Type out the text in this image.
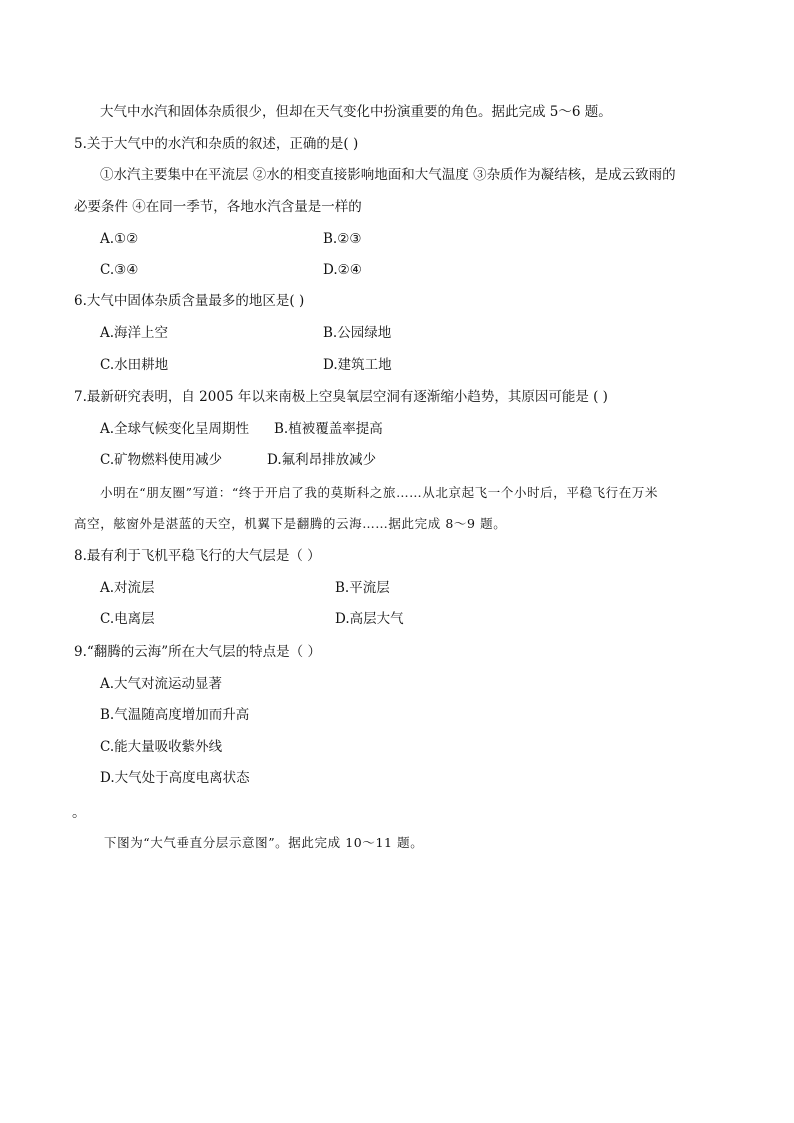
大气中水汽和固体杂质很少，但却在天气变化中扮演重要的角色。据此完成 5～6 题。
5.关于大气中的水汽和杂质的叙述，正确的是( )
①水汽主要集中在平流层 ②水的相变直接影响地面和大气温度 ③杂质作为凝结核，是成云致雨的
必要条件 ④在同一季节，各地水汽含量是一样的
A.①②	B.②③
C.③④	D.②④
6.大气中固体杂质含量最多的地区是( )
A.海洋上空	B.公园绿地
C.水田耕地	D.建筑工地
7.最新研究表明，自 2005 年以来南极上空臭氧层空洞有逐渐缩小趋势，其原因可能是 ( )
A.全球气候变化呈周期性 B.植被覆盖率提高
C.矿物燃料使用减少	D.氟利昂排放减少
小明在“朋友圈”写道：“终于开启了我的莫斯科之旅……从北京起飞一个小时后，平稳飞行在万米
高空，舷窗外是湛蓝的天空，机翼下是翻腾的云海……据此完成 8～9 题。
8.最有利于飞机平稳飞行的大气层是（ ）
A.对流层	B.平流层
C.电离层	D.高层大气
9.“翻腾的云海”所在大气层的特点是（ ）
A.大气对流运动显著
B.气温随高度增加而升高
C.能大量吸收紫外线
D.大气处于高度电离状态
。
下图为“大气垂直分层示意图”。据此完成 10～11 题。
